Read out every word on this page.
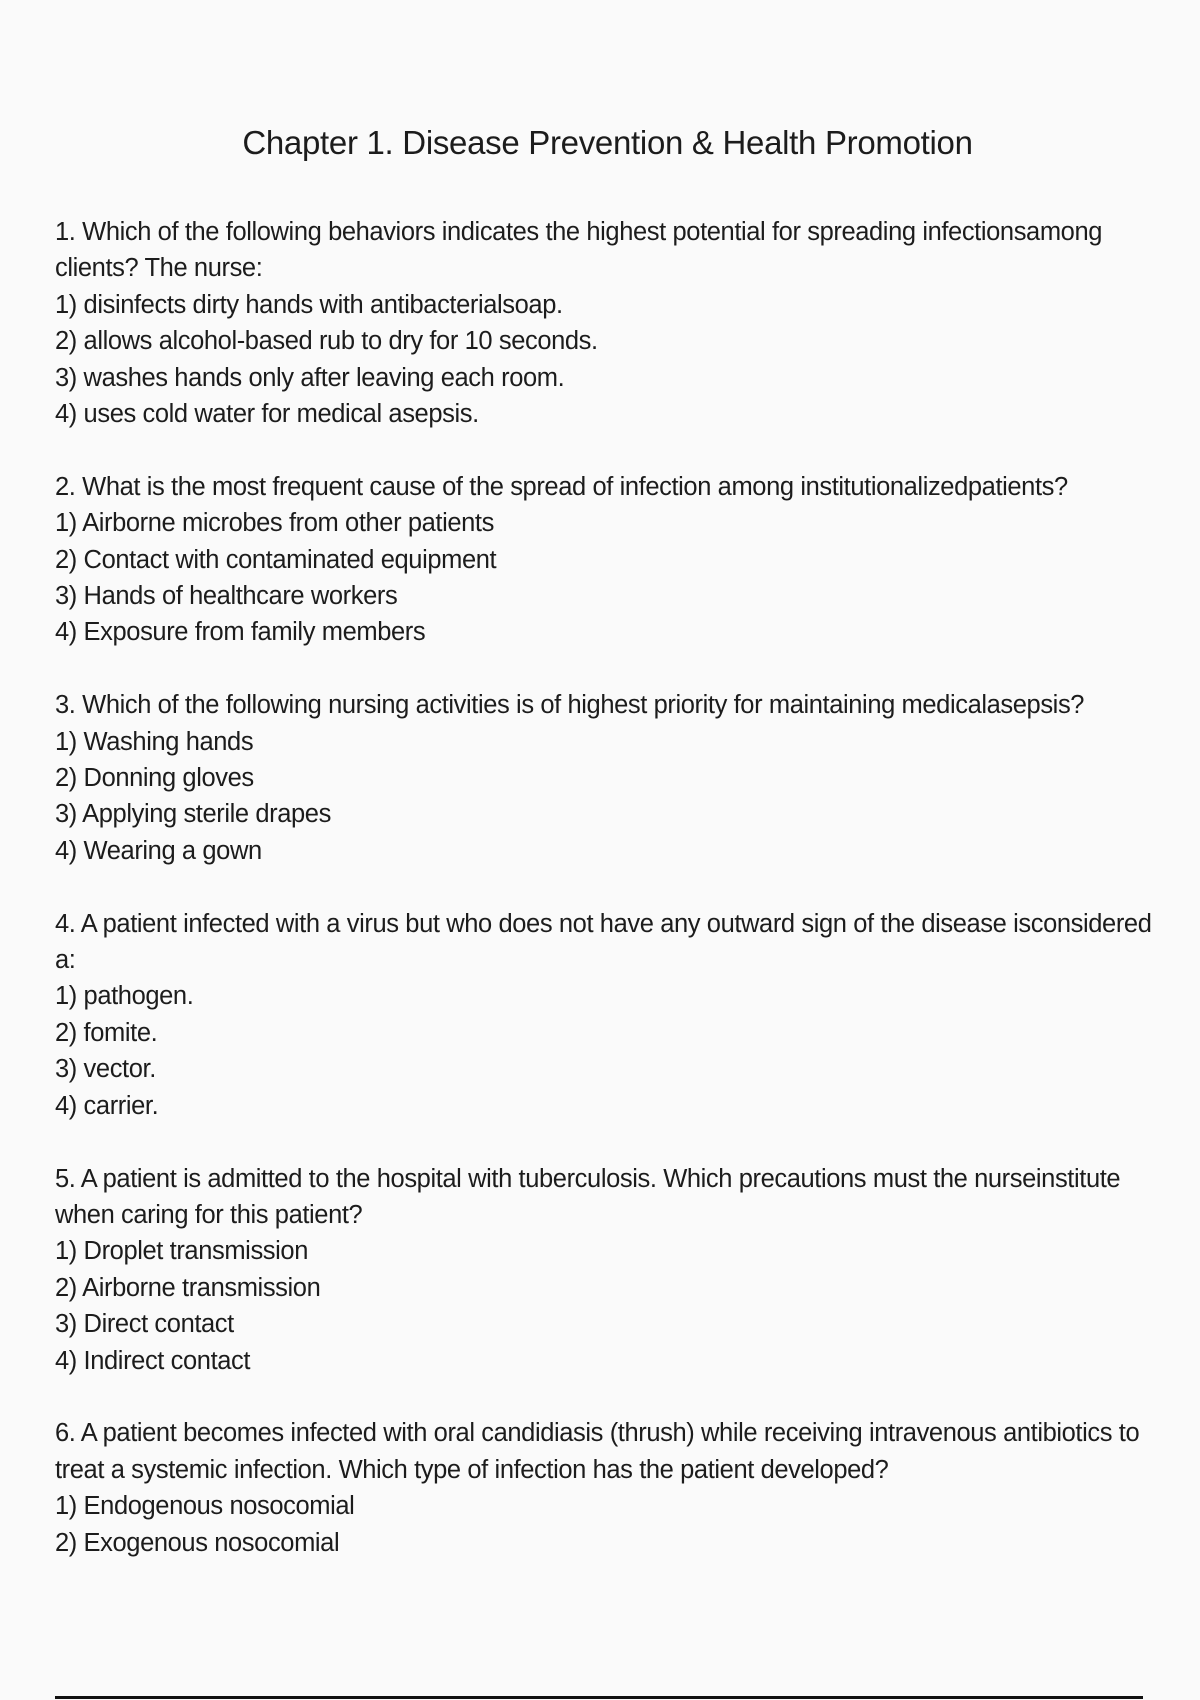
Chapter 1. Disease Prevention & Health Promotion

1. Which of the following behaviors indicates the highest potential for spreading infectionsamong clients? The nurse:

1) disinfects dirty hands with antibacterialsoap.

2) allows alcohol-based rub to dry for 10 seconds.

3) washes hands only after leaving each room.

4) uses cold water for medical asepsis.

2. What is the most frequent cause of the spread of infection among institutionalizedpatients?

1) Airborne microbes from other patients

2) Contact with contaminated equipment

3) Hands of healthcare workers

4) Exposure from family members

3. Which of the following nursing activities is of highest priority for maintaining medicalasepsis?

1) Washing hands

2) Donning gloves

3) Applying sterile drapes

4) Wearing a gown

4. A patient infected with a virus but who does not have any outward sign of the disease isconsidered a:

1) pathogen.

2) fomite.

3) vector.

4) carrier.

5. A patient is admitted to the hospital with tuberculosis. Which precautions must the nurseinstitute when caring for this patient?

1) Droplet transmission

2) Airborne transmission

3) Direct contact

4) Indirect contact

6. A patient becomes infected with oral candidiasis (thrush) while receiving intravenous antibiotics to treat a systemic infection. Which type of infection has the patient developed?

1) Endogenous nosocomial

2) Exogenous nosocomial
